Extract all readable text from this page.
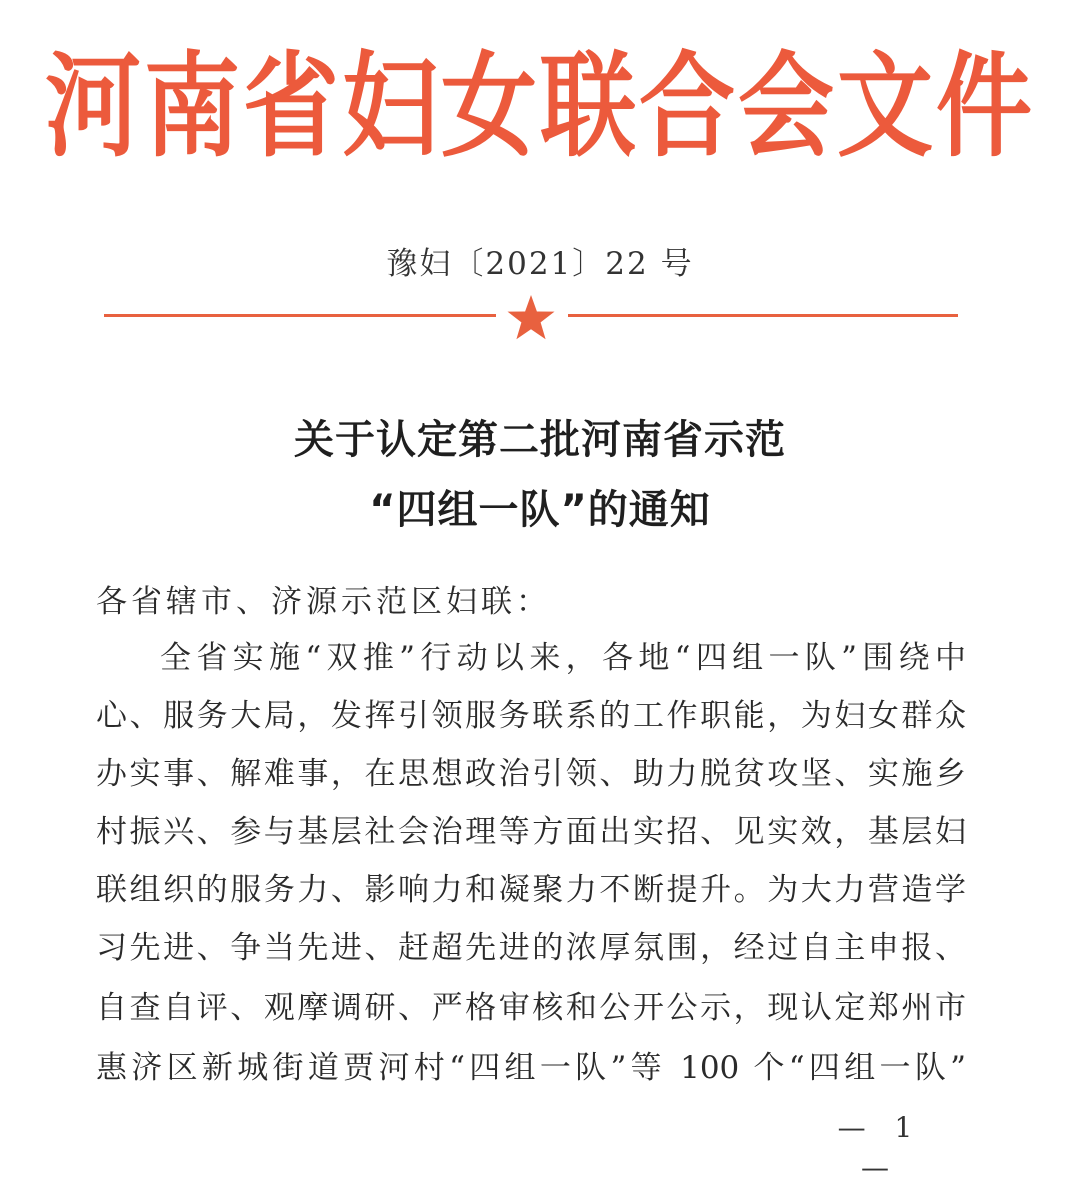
河南省妇女联合会文件
豫妇〔2021〕22 号
关于认定第二批河南省示范
“四组一队”的通知
各省辖市、济源示范区妇联：
全省实施“双推”行动以来，各地“四组一队”围绕中
心、服务大局，发挥引领服务联系的工作职能，为妇女群众
办实事、解难事，在思想政治引领、助力脱贫攻坚、实施乡
村振兴、参与基层社会治理等方面出实招、见实效，基层妇
联组织的服务力、影响力和凝聚力不断提升。为大力营造学
习先进、争当先进、赶超先进的浓厚氛围，经过自主申报、
自查自评、观摩调研、严格审核和公开公示，现认定郑州市
惠济区新城街道贾河村“四组一队”等 100 个“四组一队”
— 1 —
